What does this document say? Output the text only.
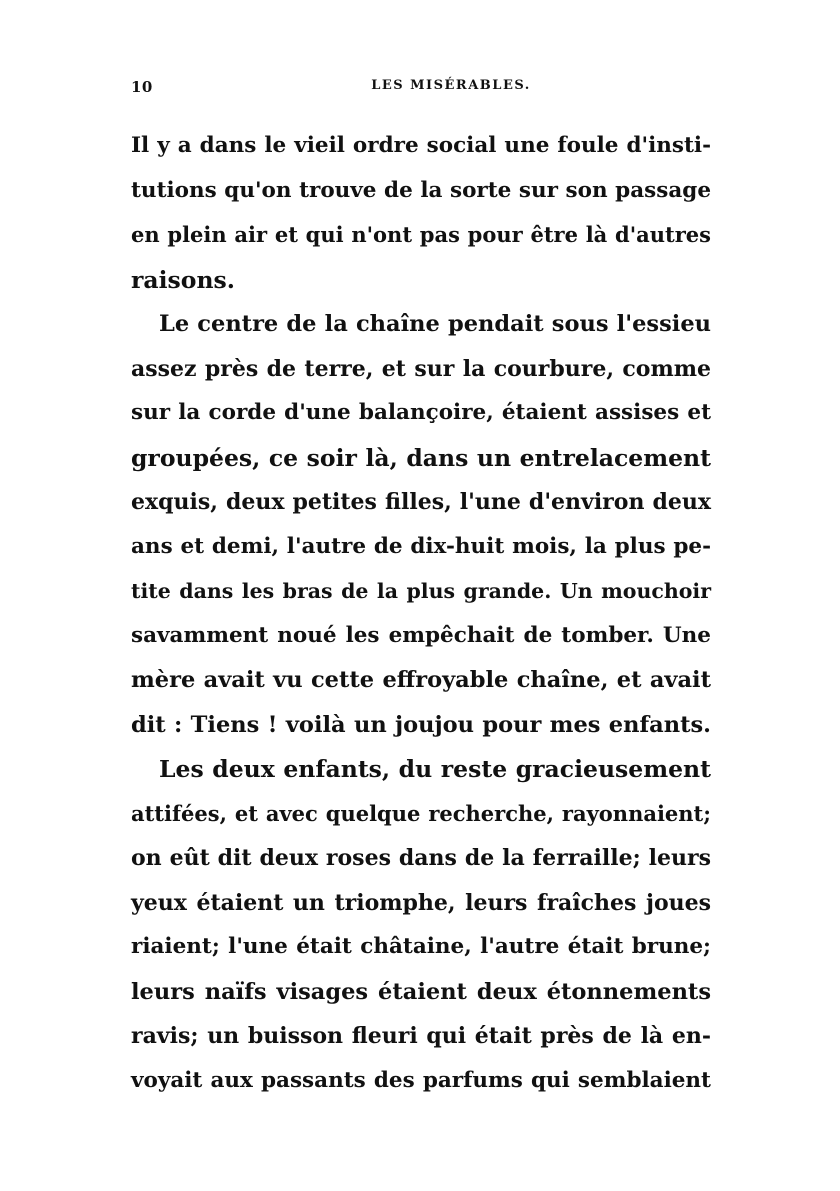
10	LES MISÉRABLES.
Il y a dans le vieil ordre social une foule d'insti-
tutions qu'on trouve de la sorte sur son passage
en plein air et qui n'ont pas pour être là d'autres
raisons.
Le centre de la chaîne pendait sous l'essieu
assez près de terre, et sur la courbure, comme
sur la corde d'une balançoire, étaient assises et
groupées, ce soir là, dans un entrelacement
exquis, deux petites filles, l'une d'environ deux
ans et demi, l'autre de dix-huit mois, la plus pe-
tite dans les bras de la plus grande. Un mouchoir
savamment noué les empêchait de tomber. Une
mère avait vu cette effroyable chaîne, et avait
dit : Tiens ! voilà un joujou pour mes enfants.
Les deux enfants, du reste gracieusement
attifées, et avec quelque recherche, rayonnaient;
on eût dit deux roses dans de la ferraille; leurs
yeux étaient un triomphe, leurs fraîches joues
riaient; l'une était châtaine, l'autre était brune;
leurs naïfs visages étaient deux étonnements
ravis; un buisson fleuri qui était près de là en-
voyait aux passants des parfums qui semblaient
